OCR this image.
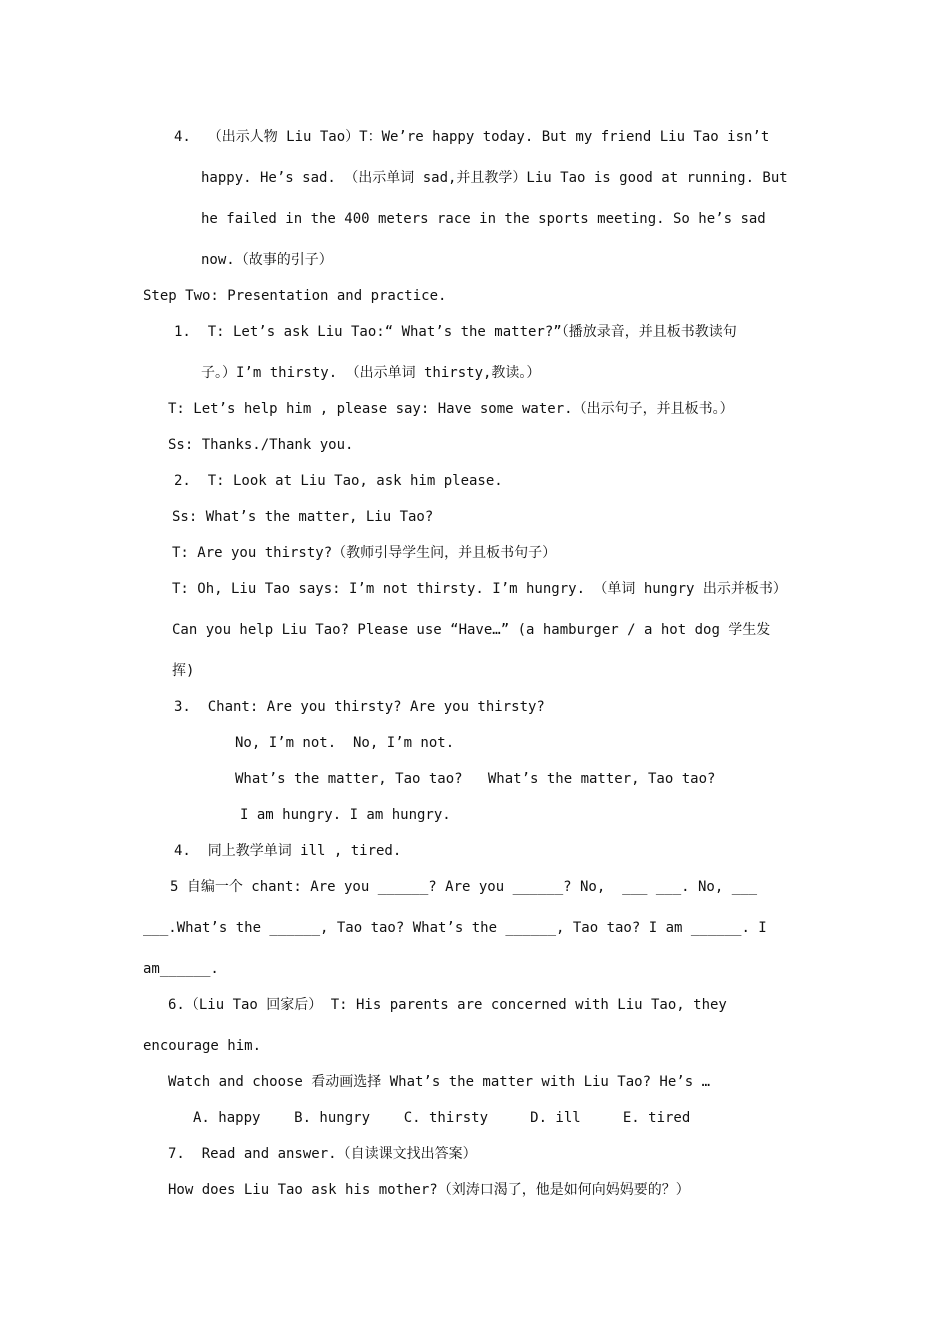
4.  （出示人物 Liu Tao）T：We’re happy today. But my friend Liu Tao isn’t
happy. He’s sad. （出示单词 sad,并且教学）Liu Tao is good at running. But
he failed in the 400 meters race in the sports meeting. So he’s sad
now.（故事的引子）
Step Two: Presentation and practice.
1.  T: Let’s ask Liu Tao:“ What’s the matter?”（播放录音，并且板书教读句
子。）I’m thirsty. （出示单词 thirsty,教读。）
T: Let’s help him , please say: Have some water.（出示句子，并且板书。）
Ss: Thanks./Thank you.
2.  T: Look at Liu Tao, ask him please.
Ss: What’s the matter, Liu Tao?
T: Are you thirsty?（教师引导学生问，并且板书句子）
T: Oh, Liu Tao says: I’m not thirsty. I’m hungry. （单词 hungry 出示并板书）
Can you help Liu Tao? Please use “Have…” (a hamburger / a hot dog 学生发
挥)
3.  Chant: Are you thirsty? Are you thirsty?
No, I’m not.  No, I’m not.
What’s the matter, Tao tao?   What’s the matter, Tao tao?
I am hungry. I am hungry.
4.  同上教学单词 ill , tired.
5 自编一个 chant: Are you ______? Are you ______? No,  ___ ___. No, ___
___.What’s the ______, Tao tao? What’s the ______, Tao tao? I am ______. I
am______.
6.（Liu Tao 回家后） T: His parents are concerned with Liu Tao, they
encourage him.
Watch and choose 看动画选择 What’s the matter with Liu Tao? He’s …
A. happy    B. hungry    C. thirsty     D. ill     E. tired
7.  Read and answer.（自读课文找出答案）
How does Liu Tao ask his mother?（刘涛口渴了，他是如何向妈妈要的？）
